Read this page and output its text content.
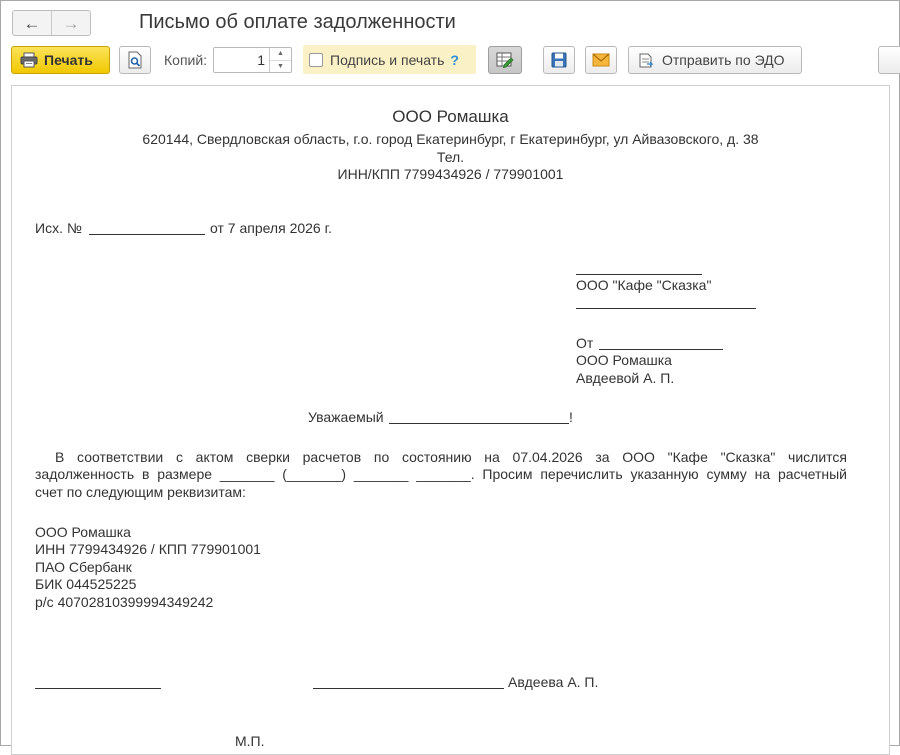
←	→	Письмо об оплате задолженности
Печать	Копий:	1	▲
▼	Подпись и печать ?	Отправить по ЭДО
ООО Ромашка
620144, Свердловская область, г.о. город Екатеринбург, г Екатеринбург, ул Айвазовского, д. 38
Тел.
ИНН/КПП 7799434926 / 779901001
Исх. №	от 7 апреля 2026 г.
ООО "Кафе "Сказка"
От
ООО Ромашка
Авдеевой А. П.
Уважаемый	!
В соответствии с актом сверки расчетов по состоянию на 07.04.2026 за ООО "Кафе "Сказка" числится
задолженность в размере _______ (_______) _______ _______. Просим перечислить указанную сумму на расчетный
счет по следующим реквизитам:
ООО Ромашка
ИНН 7799434926 / КПП 779901001
ПАО Сбербанк
БИК 044525225
р/с 40702810399994349242
Авдеева А. П.
М.П.
